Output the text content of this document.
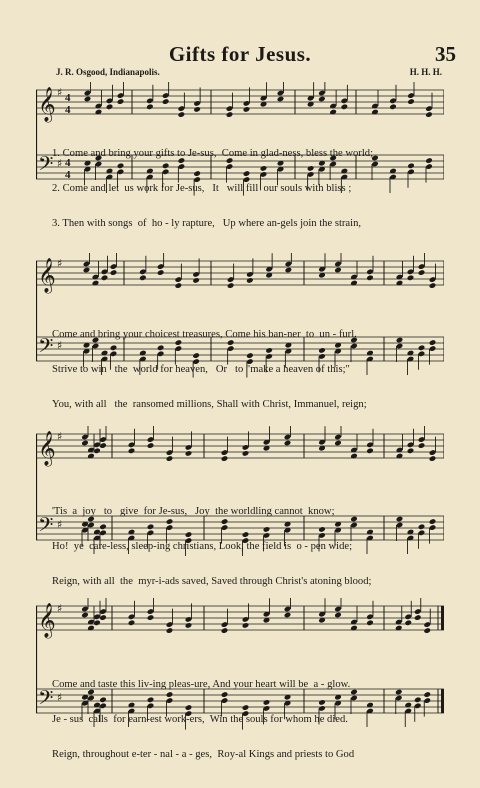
Gifts for Jesus.	35
J. R. Osgood, Indianapolis.	H. H. H.
𝄞 ♯ 4
4
𝄢 ♯ 4
4

1. Come and bring your gifts to Je-sus,  Come in glad-ness, bless the world;

2. Come and let  us work for Je-sus,   It   will fill  our souls with bliss ;

3. Then with songs  of  ho - ly rapture,   Up where an-gels join the strain,

𝄞 ♯
𝄢 ♯

Come and bring your choicest treasures, Come his ban-ner  to  un - furl.

Strive to win   the  world for heaven,   Or   to "make a heaven of this;"

You, with all   the  ransomed millions, Shall with Christ, Immanuel, reign;

𝄞 ♯
𝄢 ♯

'Tis  a  joy   to   give  for Je-sus,   Joy  the worldling cannot  know;

Ho!  ye  care-less, sleep-ing christians, Look, the field is  o - pen wide;

Reign, with all  the  myr-i-ads saved, Saved through Christ's atoning blood;

𝄞 ♯
𝄢 ♯

Come and taste this liv-ing pleas-ure, And your heart will be  a - glow.

Je - sus  calls  for earn-est work-ers,  Win the souls for whom he died.

Reign, throughout e-ter - nal - a - ges,  Roy-al Kings and priests to God
